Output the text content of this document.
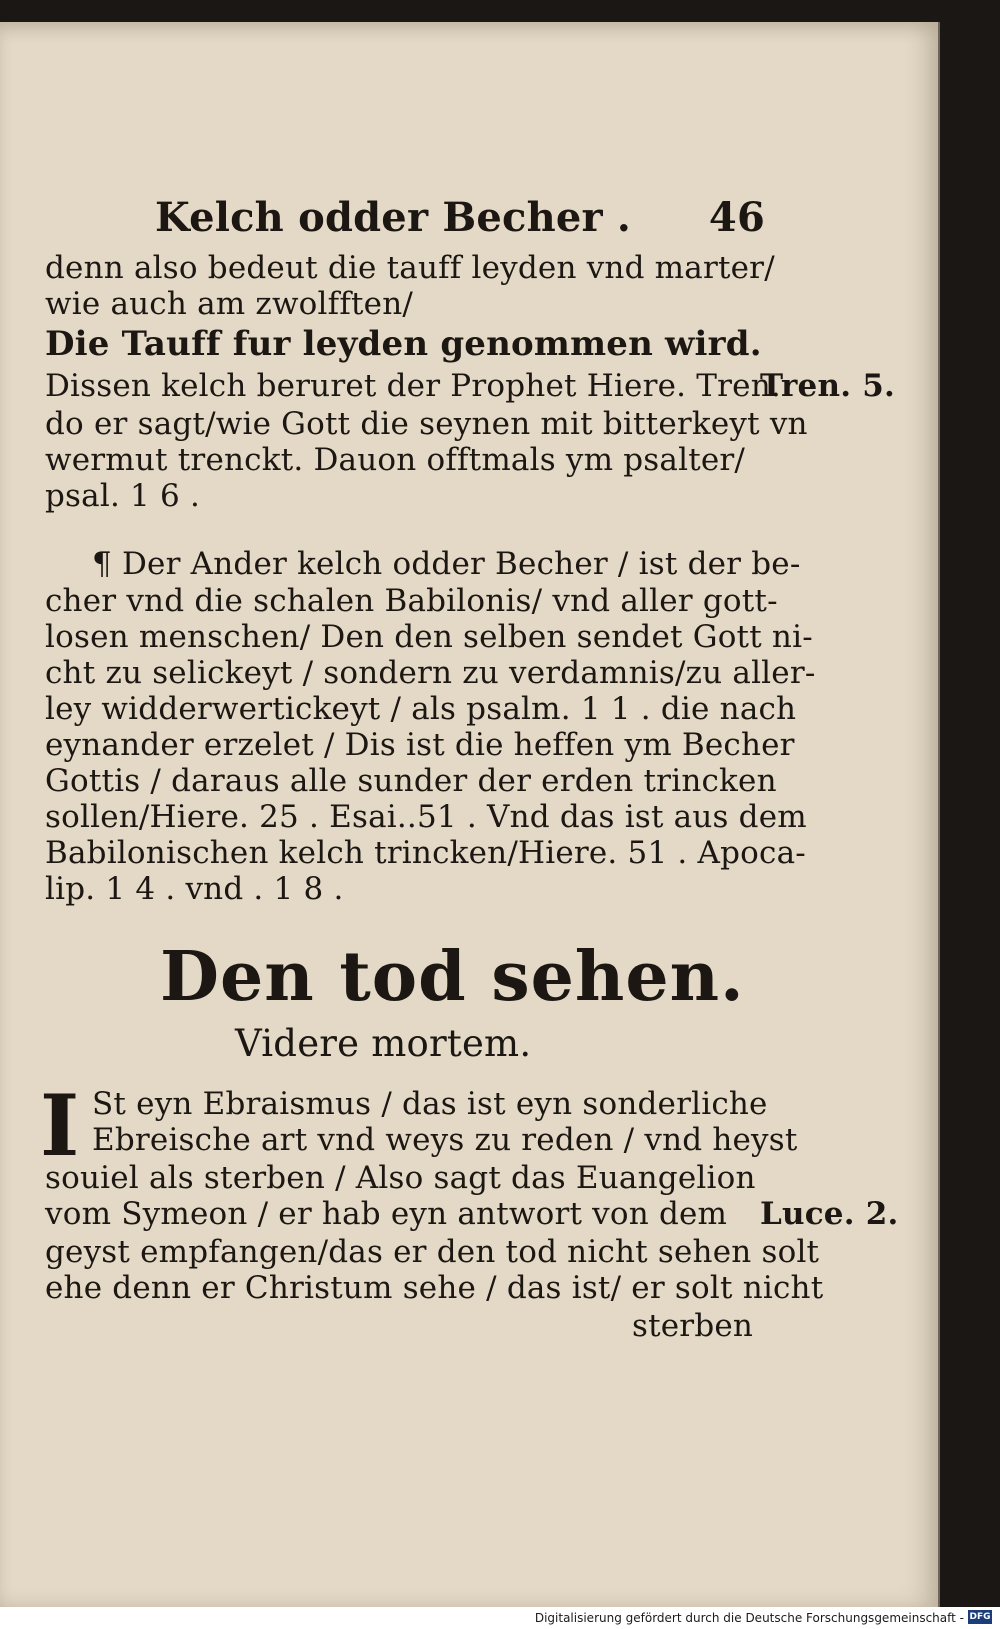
Kelch odder Becher . 46
denn also bedeut die tauff leyden vnd marter/
wie auch am zwolfften/
Die Tauff fur leyden genommen wird.
Dissen kelch beruret der Prophet Hiere. Tren.
do er sagt/wie Gott die seynen mit bitterkeyt vn
wermut trenckt. Dauon offtmals ym psalter/
psal. 1 6 .
Tren. 5.
¶ Der Ander kelch odder Becher / ist der be-
cher vnd die schalen Babilonis/ vnd aller gott-
losen menschen/ Den den selben sendet Gott ni-
cht zu selickeyt / sondern zu verdamnis/zu aller-
ley widderwertickeyt / als psalm. 1 1 . die nach
eynander erzelet / Dis ist die heffen ym Becher
Gottis / daraus alle sunder der erden trincken
sollen/Hiere. 25 . Esai..51 . Vnd das ist aus dem
Babilonischen kelch trincken/Hiere. 51 . Apoca-
lip. 1 4 . vnd . 1 8 .
Den tod sehen.
Videre mortem.
I St eyn Ebraismus / das ist eyn sonderliche
Ebreische art vnd weys zu reden / vnd heyst
souiel als sterben / Also sagt das Euangelion
vom Symeon / er hab eyn antwort von dem
geyst empfangen/das er den tod nicht sehen solt
ehe denn er Christum sehe / das ist/ er solt nicht
sterben
Luce. 2.
Digitalisierung gefördert durch die Deutsche Forschungsgemeinschaft - DFG
